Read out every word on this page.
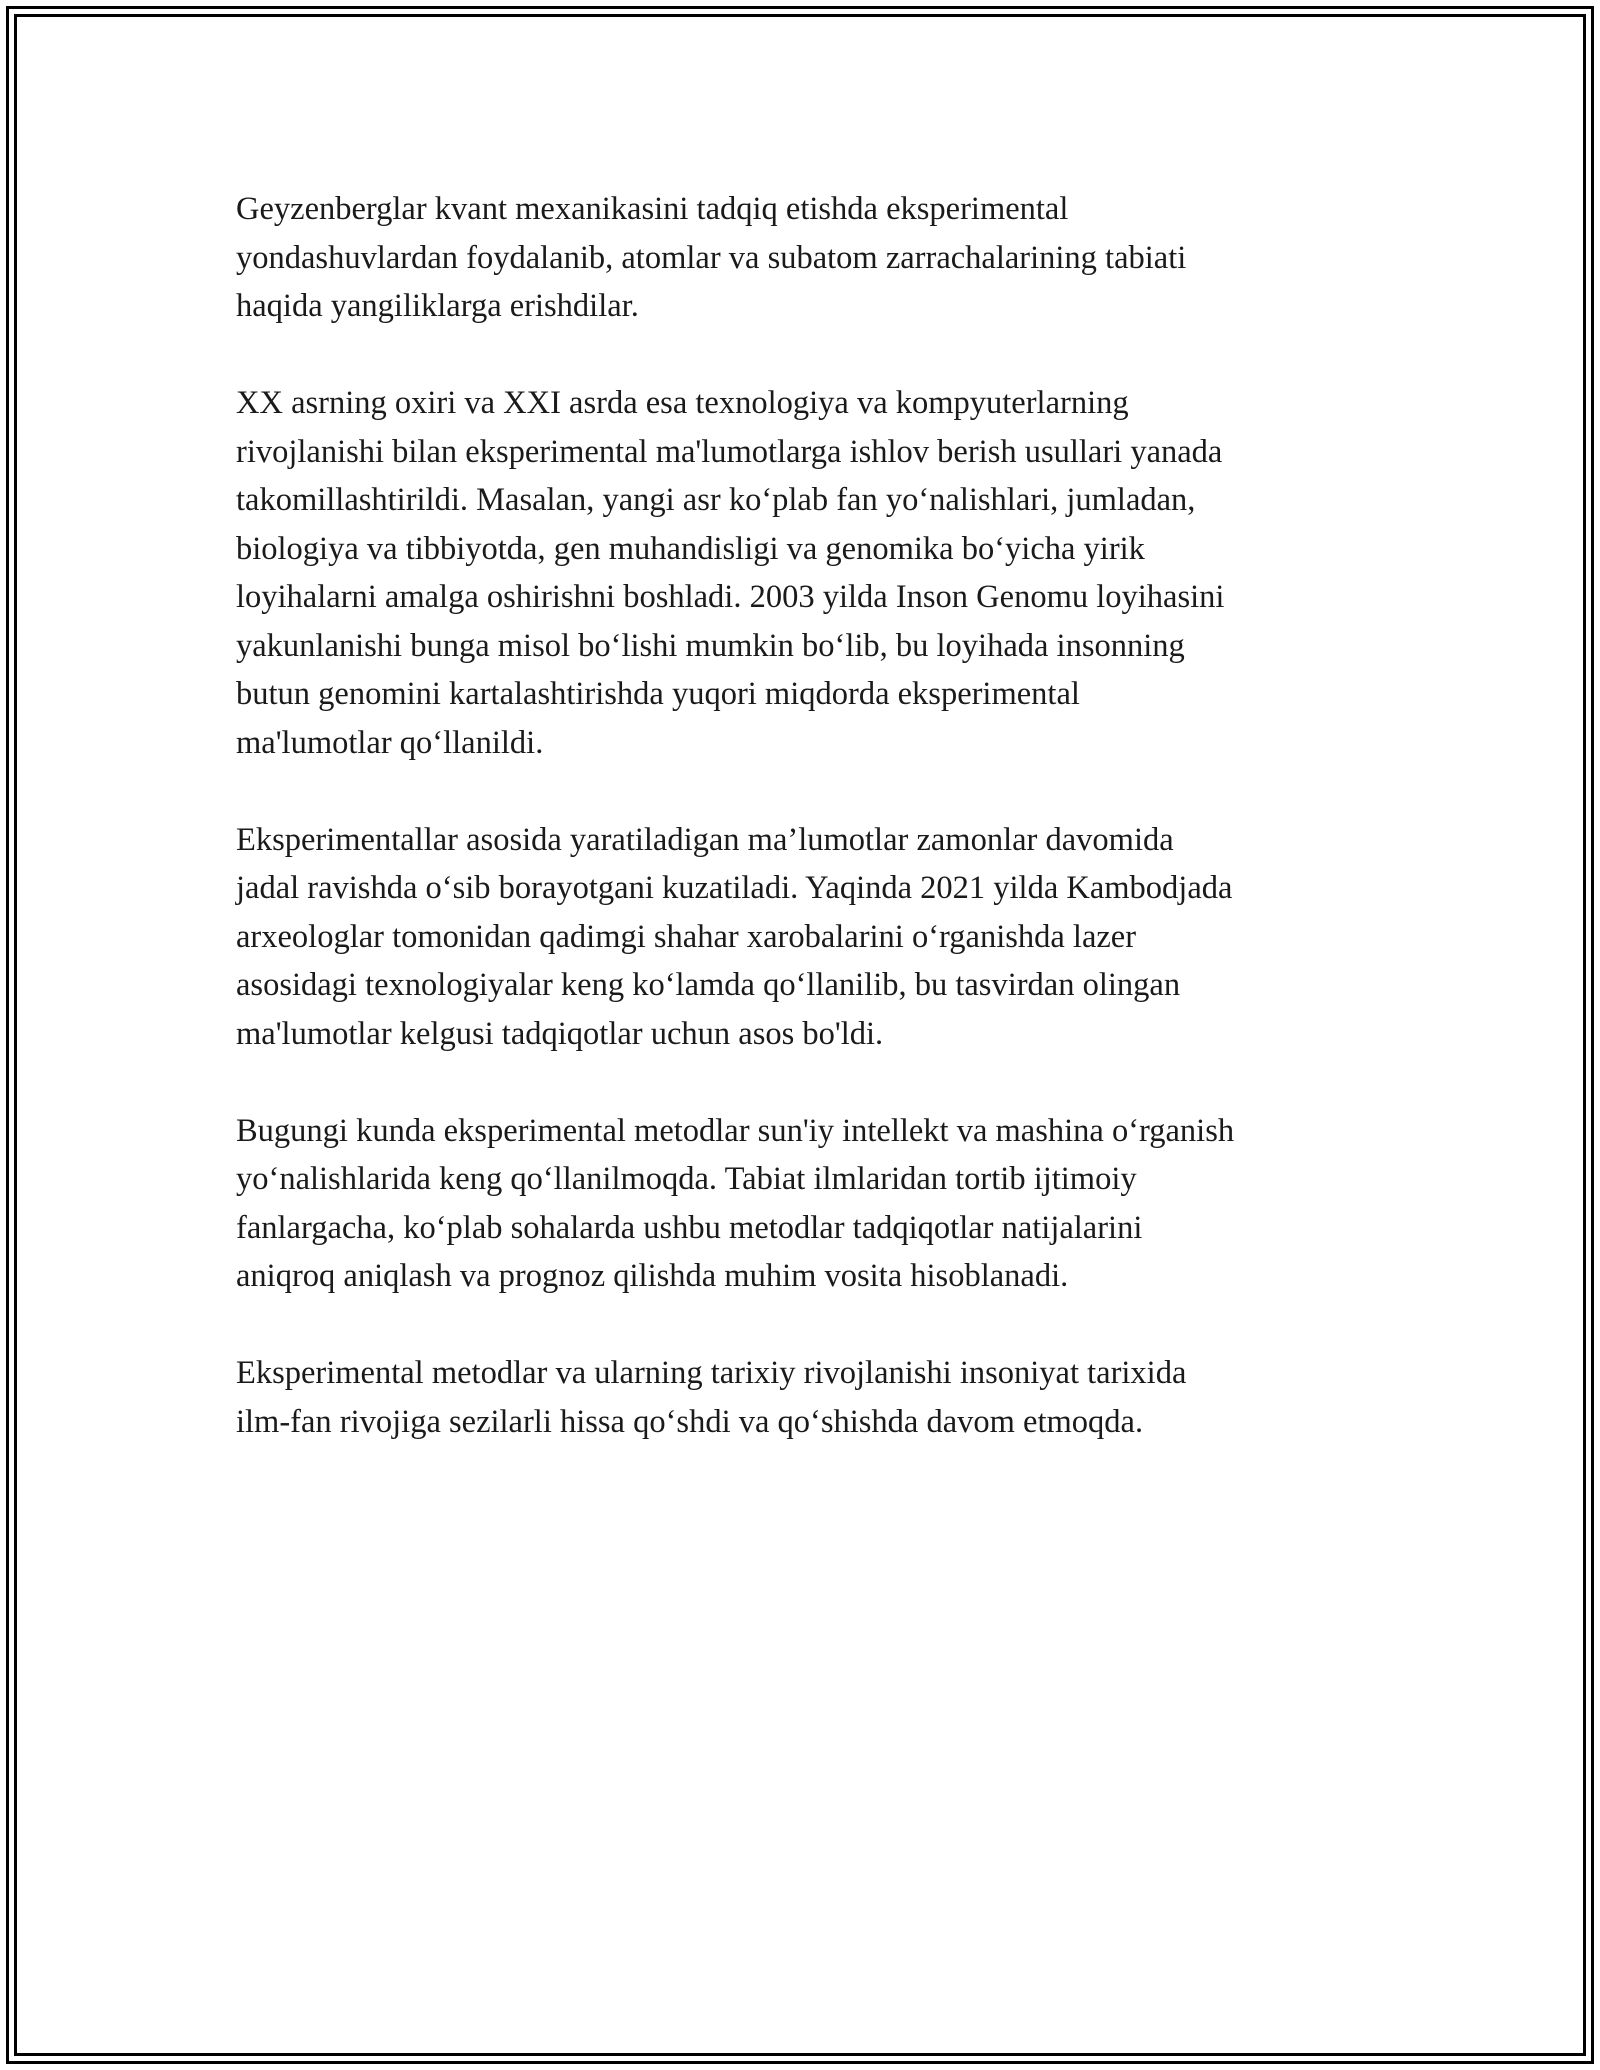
Geyzenberglar kvant mexanikasini tadqiq etishda eksperimental
yondashuvlardan foydalanib, atomlar va subatom zarrachalarining tabiati
haqida yangiliklarga erishdilar.

XX asrning oxiri va XXI asrda esa texnologiya va kompyuterlarning
rivojlanishi bilan eksperimental ma'lumotlarga ishlov berish usullari yanada
takomillashtirildi. Masalan, yangi asr ko‘plab fan yo‘nalishlari, jumladan,
biologiya va tibbiyotda, gen muhandisligi va genomika bo‘yicha yirik
loyihalarni amalga oshirishni boshladi. 2003 yilda Inson Genomu loyihasini
yakunlanishi bunga misol bo‘lishi mumkin bo‘lib, bu loyihada insonning
butun genomini kartalashtirishda yuqori miqdorda eksperimental
ma'lumotlar qo‘llanildi.

Eksperimentallar asosida yaratiladigan ma’lumotlar zamonlar davomida
jadal ravishda o‘sib borayotgani kuzatiladi. Yaqinda 2021 yilda Kambodjada
arxeologlar tomonidan qadimgi shahar xarobalarini o‘rganishda lazer
asosidagi texnologiyalar keng ko‘lamda qo‘llanilib, bu tasvirdan olingan
ma'lumotlar kelgusi tadqiqotlar uchun asos bo'ldi.

Bugungi kunda eksperimental metodlar sun'iy intellekt va mashina o‘rganish
yo‘nalishlarida keng qo‘llanilmoqda. Tabiat ilmlaridan tortib ijtimoiy
fanlargacha, ko‘plab sohalarda ushbu metodlar tadqiqotlar natijalarini
aniqroq aniqlash va prognoz qilishda muhim vosita hisoblanadi.

Eksperimental metodlar va ularning tarixiy rivojlanishi insoniyat tarixida
ilm-fan rivojiga sezilarli hissa qo‘shdi va qo‘shishda davom etmoqda.
